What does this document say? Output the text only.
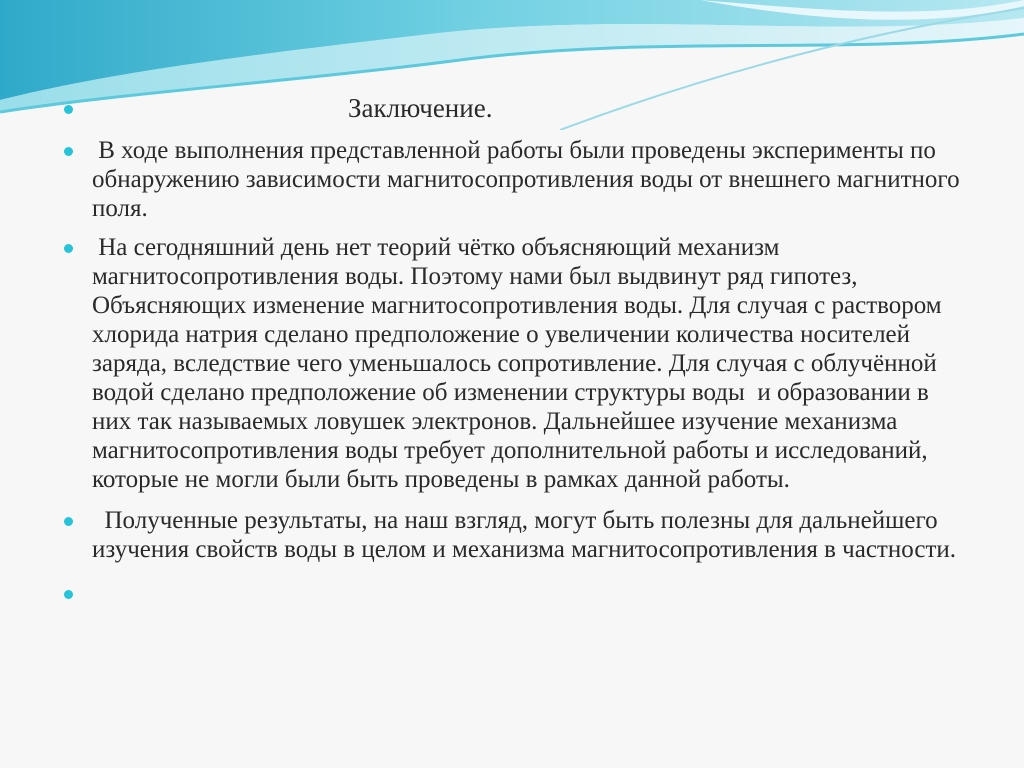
Заключение.

В ходе выполнения представленной работы были проведены эксперименты по обнаружению зависимости магнитосопротивления воды от внешнего магнитного поля.

На сегодняшний день нет теорий чётко объясняющий механизм магнитосопротивления воды. Поэтому нами был выдвинут ряд гипотез,  Объясняющих изменение магнитосопротивления воды. Для случая с раствором хлорида натрия сделано предположение о увеличении количества носителей заряда, вследствие чего уменьшалось сопротивление. Для случая с облучённой водой сделано предположение об изменении структуры воды  и образовании в них так называемых ловушек электронов. Дальнейшее изучение механизма магнитосопротивления воды требует дополнительной работы и исследований, которые не могли были быть проведены в рамках данной работы.

Полученные результаты, на наш взгляд, могут быть полезны для дальнейшего изучения свойств воды в целом и механизма магнитосопротивления в частности.
